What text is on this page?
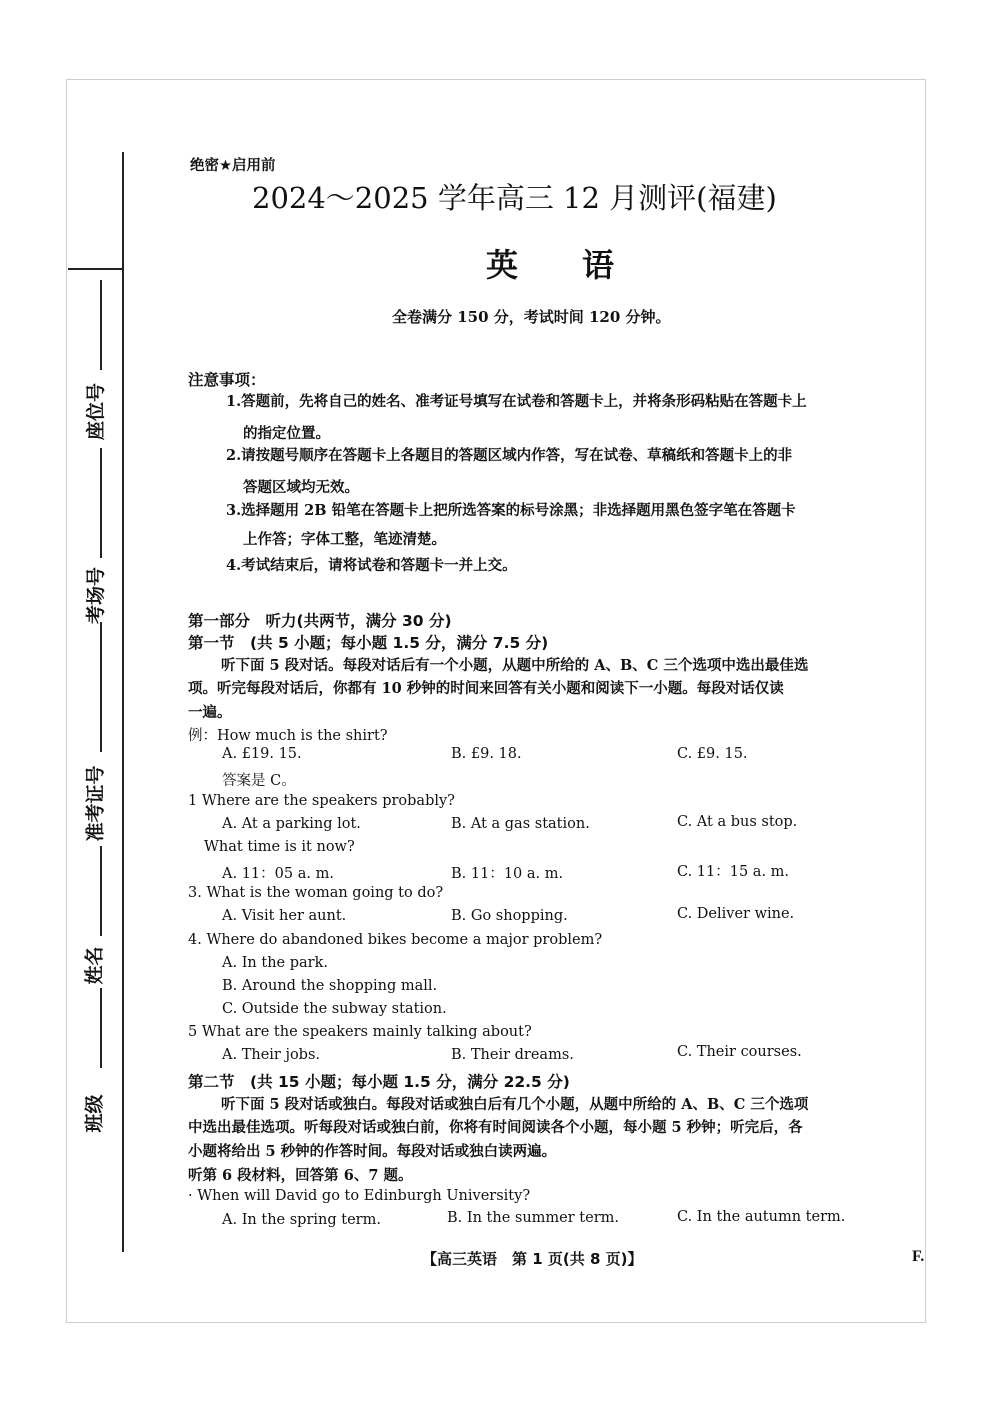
座位号
考场号
准考证号
姓名
班级
绝密★启用前
2024～2025 学年高三 12 月测评(福建)
英　　语
全卷满分 150 分，考试时间 120 分钟。
注意事项：
1.答题前，先将自己的姓名、准考证号填写在试卷和答题卡上，并将条形码粘贴在答题卡上
的指定位置。
2.请按题号顺序在答题卡上各题目的答题区域内作答，写在试卷、草稿纸和答题卡上的非
答题区域均无效。
3.选择题用 2B 铅笔在答题卡上把所选答案的标号涂黑；非选择题用黑色签字笔在答题卡
上作答；字体工整，笔迹清楚。
4.考试结束后，请将试卷和答题卡一并上交。
第一部分　听力(共两节，满分 30 分)
第一节　(共 5 小题；每小题 1.5 分，满分 7.5 分)
听下面 5 段对话。每段对话后有一个小题，从题中所给的 A、B、C 三个选项中选出最佳选
项。听完每段对话后，你都有 10 秒钟的时间来回答有关小题和阅读下一小题。每段对话仅读
一遍。
例：How much is the shirt?
A. £19. 15.	B. £9. 18.	C. £9. 15.
答案是 C。
1 Where are the speakers probably?
A. At a parking lot.	B. At a gas station.	C. At a bus stop.
What time is it now?
A. 11：05 a. m.	B. 11：10 a. m.	C. 11：15 a. m.
3. What is the woman going to do?
A. Visit her aunt.	B. Go shopping.	C. Deliver wine.
4. Where do abandoned bikes become a major problem?
A. In the park.
B. Around the shopping mall.
C. Outside the subway station.
5 What are the speakers mainly talking about?
A. Their jobs.	B. Their dreams.	C. Their courses.
第二节　(共 15 小题；每小题 1.5 分，满分 22.5 分)
听下面 5 段对话或独白。每段对话或独白后有几个小题，从题中所给的 A、B、C 三个选项
中选出最佳选项。听每段对话或独白前，你将有时间阅读各个小题，每小题 5 秒钟；听完后，各
小题将给出 5 秒钟的作答时间。每段对话或独白读两遍。
听第 6 段材料，回答第 6、7 题。
· When will David go to Edinburgh University?
A. In the spring term.	B. In the summer term.	C. In the autumn term.
【高三英语　第 1 页(共 8 页)】	F.
